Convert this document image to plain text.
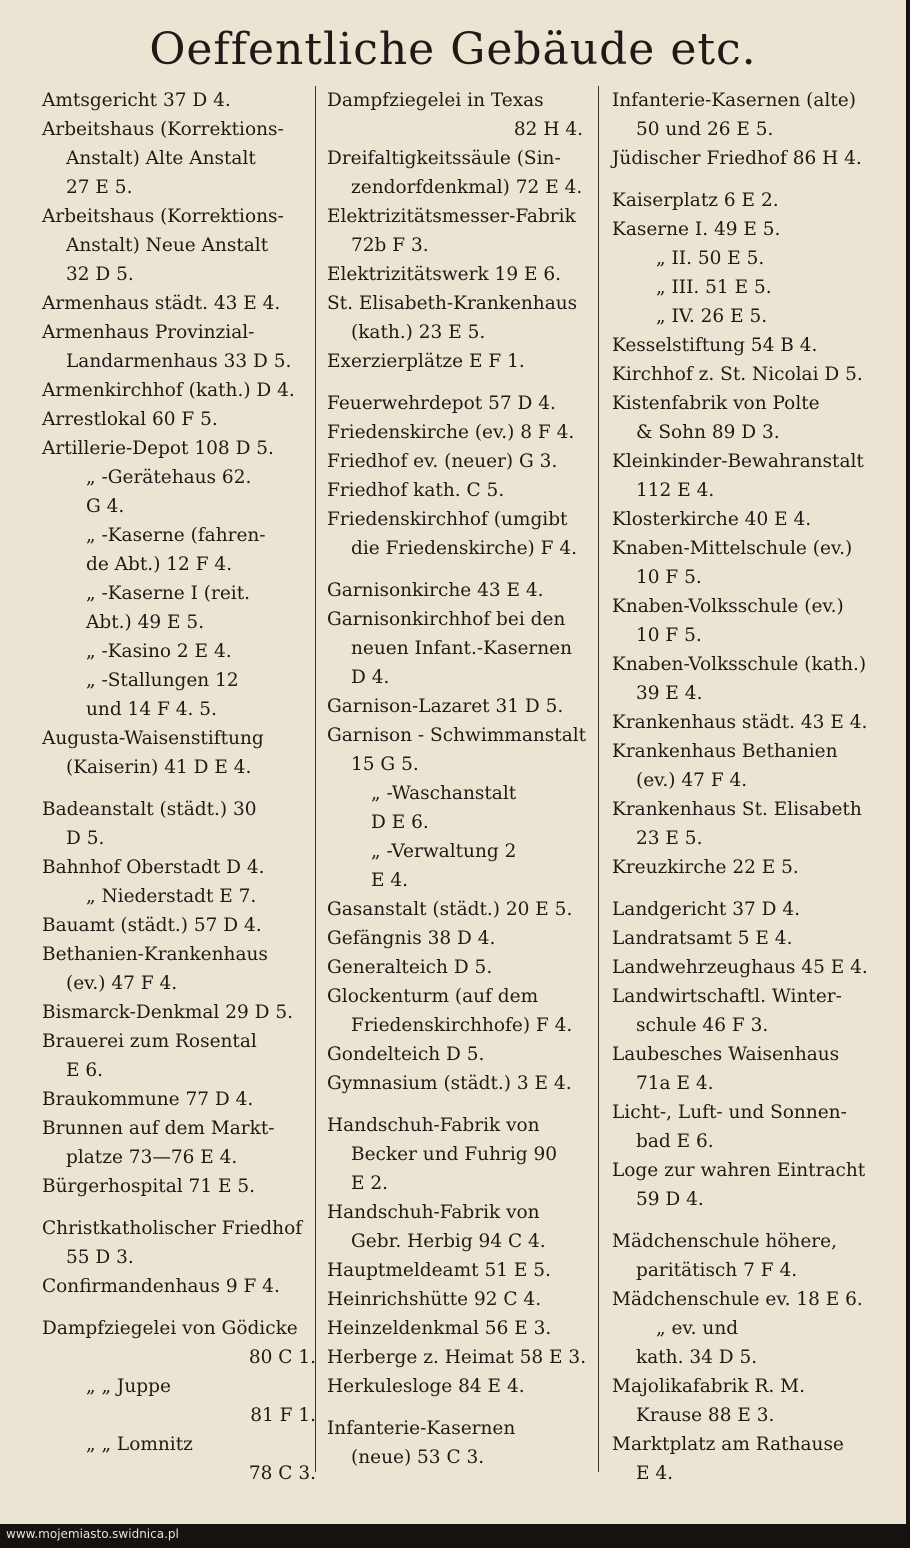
Oeffentliche Gebäude etc.
Amtsgericht 37 D 4.
Arbeitshaus (Korrektions-
Anstalt) Alte Anstalt
27 E 5.
Arbeitshaus (Korrektions-
Anstalt) Neue Anstalt
32 D 5.
Armenhaus städt. 43 E 4.
Armenhaus Provinzial-
Landarmenhaus 33 D 5.
Armenkirchhof (kath.) D 4.
Arrestlokal 60 F 5.
Artillerie-Depot 108 D 5.
„ -Gerätehaus 62.
G 4.
„ -Kaserne (fahren-
de Abt.) 12 F 4.
„ -Kaserne I (reit.
Abt.) 49 E 5.
„ -Kasino 2 E 4.
„ -Stallungen 12
und 14 F 4. 5.
Augusta-Waisenstiftung
(Kaiserin) 41 D E 4.
Badeanstalt (städt.) 30
D 5.
Bahnhof Oberstadt D 4.
„ Niederstadt E 7.
Bauamt (städt.) 57 D 4.
Bethanien-Krankenhaus
(ev.) 47 F 4.
Bismarck-Denkmal 29 D 5.
Brauerei zum Rosental
E 6.
Braukommune 77 D 4.
Brunnen auf dem Markt-
platze 73—76 E 4.
Bürgerhospital 71 E 5.
Christkatholischer Friedhof
55 D 3.
Confirmandenhaus 9 F 4.
Dampfziegelei von Gödicke
80 C 1.
„ „ Juppe
81 F 1.
„ „ Lomnitz
78 C 3.
Dampfziegelei in Texas
82 H 4.
Dreifaltigkeitssäule (Sin-
zendorfdenkmal) 72 E 4.
Elektrizitätsmesser-Fabrik
72b F 3.
Elektrizitätswerk 19 E 6.
St. Elisabeth-Krankenhaus
(kath.) 23 E 5.
Exerzierplätze E F 1.
Feuerwehrdepot 57 D 4.
Friedenskirche (ev.) 8 F 4.
Friedhof ev. (neuer) G 3.
Friedhof kath. C 5.
Friedenskirchhof (umgibt
die Friedenskirche) F 4.
Garnisonkirche 43 E 4.
Garnisonkirchhof bei den
neuen Infant.-Kasernen
D 4.
Garnison-Lazaret 31 D 5.
Garnison - Schwimmanstalt
15 G 5.
„ -Waschanstalt
D E 6.
„ -Verwaltung 2
E 4.
Gasanstalt (städt.) 20 E 5.
Gefängnis 38 D 4.
Generalteich D 5.
Glockenturm (auf dem
Friedenskirchhofe) F 4.
Gondelteich D 5.
Gymnasium (städt.) 3 E 4.
Handschuh-Fabrik von
Becker und Fuhrig 90
E 2.
Handschuh-Fabrik von
Gebr. Herbig 94 C 4.
Hauptmeldeamt 51 E 5.
Heinrichshütte 92 C 4.
Heinzeldenkmal 56 E 3.
Herberge z. Heimat 58 E 3.
Herkulesloge 84 E 4.
Infanterie-Kasernen
(neue) 53 C 3.
Infanterie-Kasernen (alte)
50 und 26 E 5.
Jüdischer Friedhof 86 H 4.
Kaiserplatz 6 E 2.
Kaserne I. 49 E 5.
„ II. 50 E 5.
„ III. 51 E 5.
„ IV. 26 E 5.
Kesselstiftung 54 B 4.
Kirchhof z. St. Nicolai D 5.
Kistenfabrik von Polte
& Sohn 89 D 3.
Kleinkinder-Bewahranstalt
112 E 4.
Klosterkirche 40 E 4.
Knaben-Mittelschule (ev.)
10 F 5.
Knaben-Volksschule (ev.)
10 F 5.
Knaben-Volksschule (kath.)
39 E 4.
Krankenhaus städt. 43 E 4.
Krankenhaus Bethanien
(ev.) 47 F 4.
Krankenhaus St. Elisabeth
23 E 5.
Kreuzkirche 22 E 5.
Landgericht 37 D 4.
Landratsamt 5 E 4.
Landwehrzeughaus 45 E 4.
Landwirtschaftl. Winter-
schule 46 F 3.
Laubesches Waisenhaus
71a E 4.
Licht-, Luft- und Sonnen-
bad E 6.
Loge zur wahren Eintracht
59 D 4.
Mädchenschule höhere,
paritätisch 7 F 4.
Mädchenschule ev. 18 E 6.
„ ev. und
kath. 34 D 5.
Majolikafabrik R. M.
Krause 88 E 3.
Marktplatz am Rathause
E 4.
www.mojemiasto.swidnica.pl
